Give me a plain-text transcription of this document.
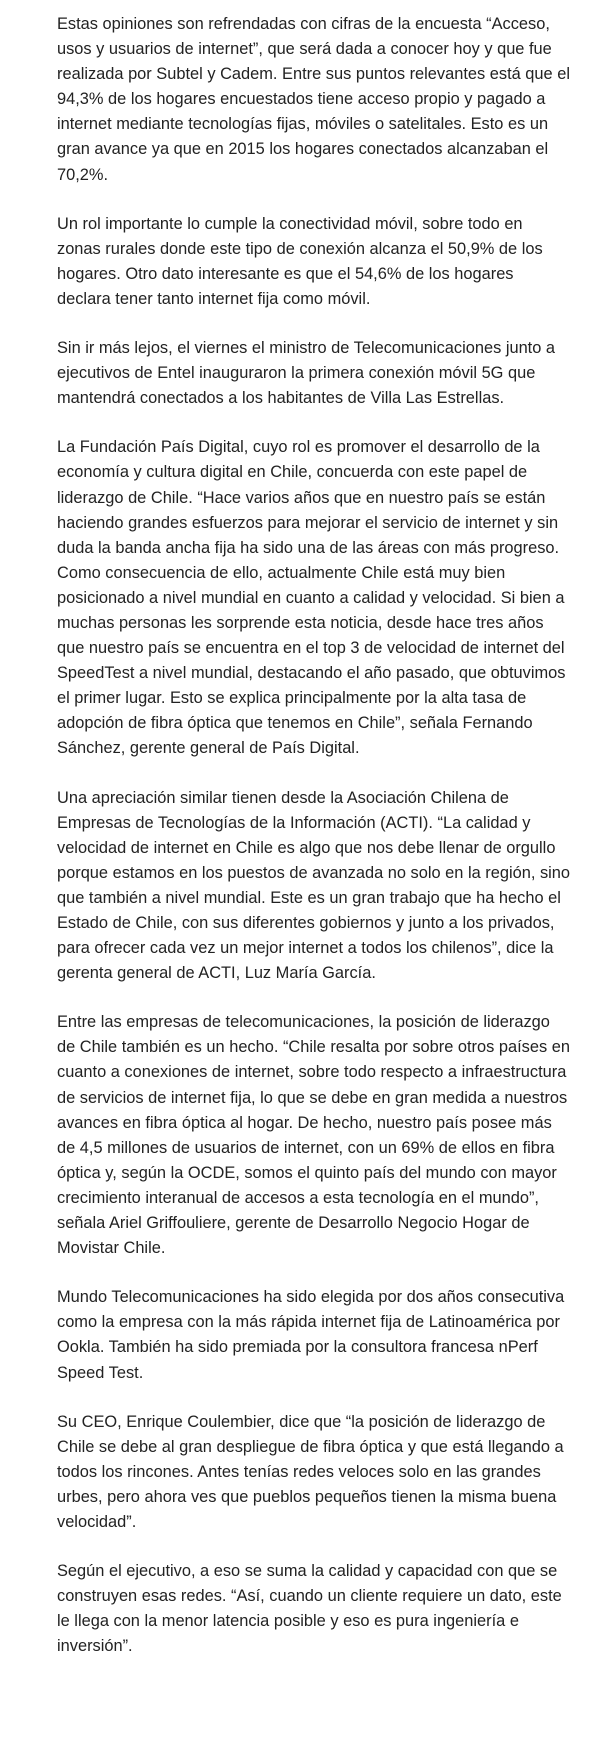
Estas opiniones son refrendadas con cifras de la encuesta “Acceso, usos y usuarios de internet”, que será dada a conocer hoy y que fue realizada por Subtel y Cadem. Entre sus puntos relevantes está que el 94,3% de los hogares encuestados tiene acceso propio y pagado a internet mediante tecnologías fijas, móviles o satelitales. Esto es un gran avance ya que en 2015 los hogares conectados alcanzaban el 70,2%.

Un rol importante lo cumple la conectividad móvil, sobre todo en zonas rurales donde este tipo de conexión alcanza el 50,9% de los hogares. Otro dato interesante es que el 54,6% de los hogares declara tener tanto internet fija como móvil.

Sin ir más lejos, el viernes el ministro de Telecomunicaciones junto a ejecutivos de Entel inauguraron la primera conexión móvil 5G que mantendrá conectados a los habitantes de Villa Las Estrellas.

La Fundación País Digital, cuyo rol es promover el desarrollo de la economía y cultura digital en Chile, concuerda con este papel de liderazgo de Chile. “Hace varios años que en nuestro país se están haciendo grandes esfuerzos para mejorar el servicio de internet y sin duda la banda ancha fija ha sido una de las áreas con más progreso. Como consecuencia de ello, actualmente Chile está muy bien posicionado a nivel mundial en cuanto a calidad y velocidad. Si bien a muchas personas les sorprende esta noticia, desde hace tres años que nuestro país se encuentra en el top 3 de velocidad de internet del SpeedTest a nivel mundial, destacando el año pasado, que obtuvimos el primer lugar. Esto se explica principalmente por la alta tasa de adopción de fibra óptica que tenemos en Chile”, señala Fernando Sánchez, gerente general de País Digital.

Una apreciación similar tienen desde la Asociación Chilena de Empresas de Tecnologías de la Información (ACTI). “La calidad y velocidad de internet en Chile es algo que nos debe llenar de orgullo porque estamos en los puestos de avanzada no solo en la región, sino que también a nivel mundial. Este es un gran trabajo que ha hecho el Estado de Chile, con sus diferentes gobiernos y junto a los privados, para ofrecer cada vez un mejor internet a todos los chilenos”, dice la gerenta general de ACTI, Luz María García.

Entre las empresas de telecomunicaciones, la posición de liderazgo de Chile también es un hecho. “Chile resalta por sobre otros países en cuanto a conexiones de internet, sobre todo respecto a infraestructura de servicios de internet fija, lo que se debe en gran medida a nuestros avances en fibra óptica al hogar. De hecho, nuestro país posee más de 4,5 millones de usuarios de internet, con un 69% de ellos en fibra óptica y, según la OCDE, somos el quinto país del mundo con mayor crecimiento interanual de accesos a esta tecnología en el mundo”, señala Ariel Griffouliere, gerente de Desarrollo Negocio Hogar de Movistar Chile.

Mundo Telecomunicaciones ha sido elegida por dos años consecutiva como la empresa con la más rápida internet fija de Latinoamérica por Ookla. También ha sido premiada por la consultora francesa nPerf Speed Test.

Su CEO, Enrique Coulembier, dice que “la posición de liderazgo de Chile se debe al gran despliegue de fibra óptica y que está llegando a todos los rincones. Antes tenías redes veloces solo en las grandes urbes, pero ahora ves que pueblos pequeños tienen la misma buena velocidad”.

Según el ejecutivo, a eso se suma la calidad y capacidad con que se construyen esas redes. “Así, cuando un cliente requiere un dato, este le llega con la menor latencia posible y eso es pura ingeniería e inversión”.
